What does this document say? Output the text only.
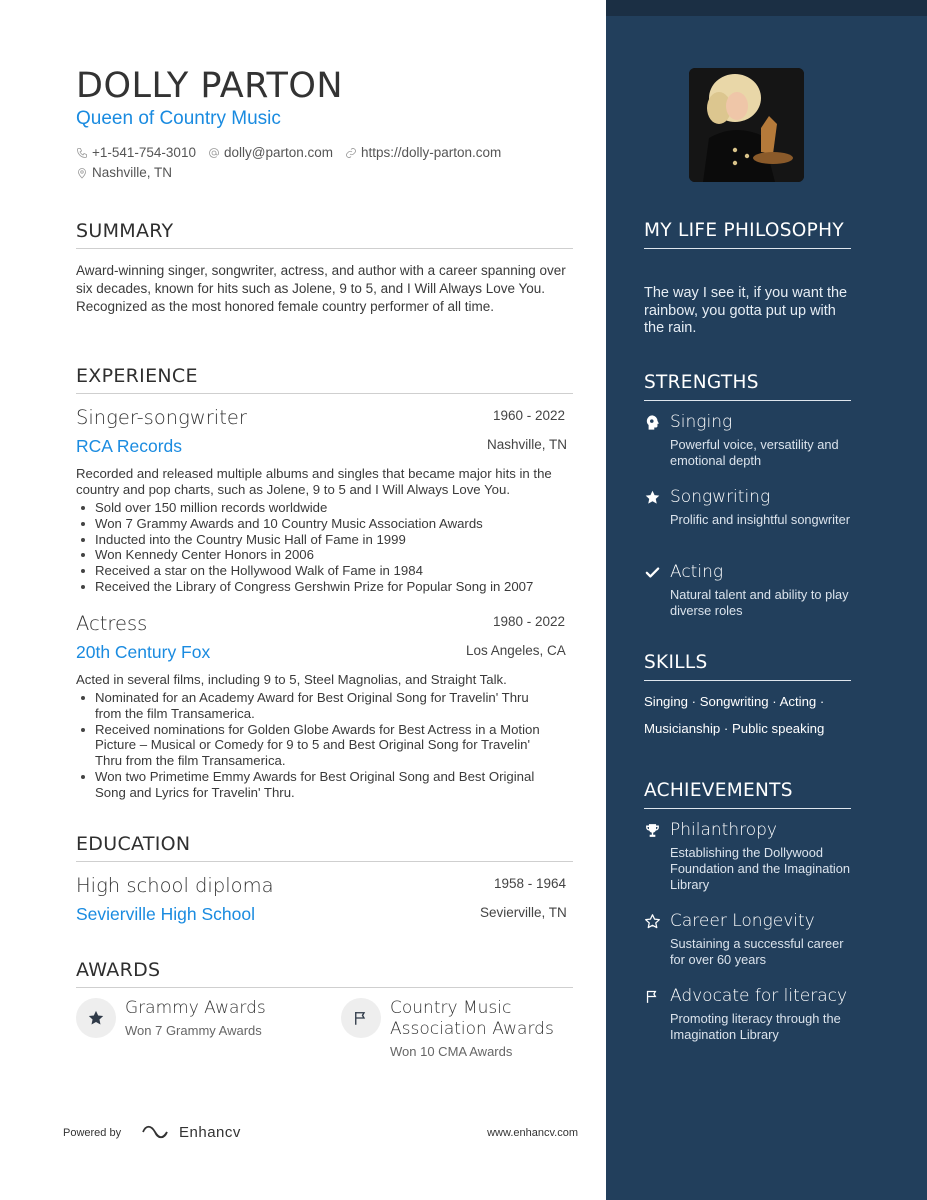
DOLLY PARTON
Queen of Country Music
+1-541-754-3010 dolly@parton.com https://dolly-parton.com
Nashville, TN
SUMMARY
Award-winning singer, songwriter, actress, and author with a career spanning over six decades, known for hits such as Jolene, 9 to 5, and I Will Always Love You. Recognized as the most honored female country performer of all time.
EXPERIENCE
Singer-songwriter	1960 - 2022
RCA Records	Nashville, TN
Recorded and released multiple albums and singles that became major hits in the country and pop charts, such as Jolene, 9 to 5 and I Will Always Love You.
Sold over 150 million records worldwide
Won 7 Grammy Awards and 10 Country Music Association Awards
Inducted into the Country Music Hall of Fame in 1999
Won Kennedy Center Honors in 2006
Received a star on the Hollywood Walk of Fame in 1984
Received the Library of Congress Gershwin Prize for Popular Song in 2007
Actress	1980 - 2022
20th Century Fox	Los Angeles, CA
Acted in several films, including 9 to 5, Steel Magnolias, and Straight Talk.
Nominated for an Academy Award for Best Original Song for Travelin' Thru from the film Transamerica.
Received nominations for Golden Globe Awards for Best Actress in a Motion Picture – Musical or Comedy for 9 to 5 and Best Original Song for Travelin' Thru from the film Transamerica.
Won two Primetime Emmy Awards for Best Original Song and Best Original Song and Lyrics for Travelin' Thru.
EDUCATION
High school diploma	1958 - 1964
Sevierville High School	Sevierville, TN
AWARDS
Grammy Awards
Won 7 Grammy Awards
Country Music Association Awards
Won 10 CMA Awards
Powered by	Enhancv	www.enhancv.com
MY LIFE PHILOSOPHY
The way I see it, if you want the rainbow, you gotta put up with the rain.
STRENGTHS
Singing
Powerful voice, versatility and emotional depth
Songwriting
Prolific and insightful songwriter
Acting
Natural talent and ability to play diverse roles
SKILLS
Singing · Songwriting · Acting ·
Musicianship · Public speaking
ACHIEVEMENTS
Philanthropy
Establishing the Dollywood Foundation and the Imagination Library
Career Longevity
Sustaining a successful career for over 60 years
Advocate for literacy
Promoting literacy through the Imagination Library
